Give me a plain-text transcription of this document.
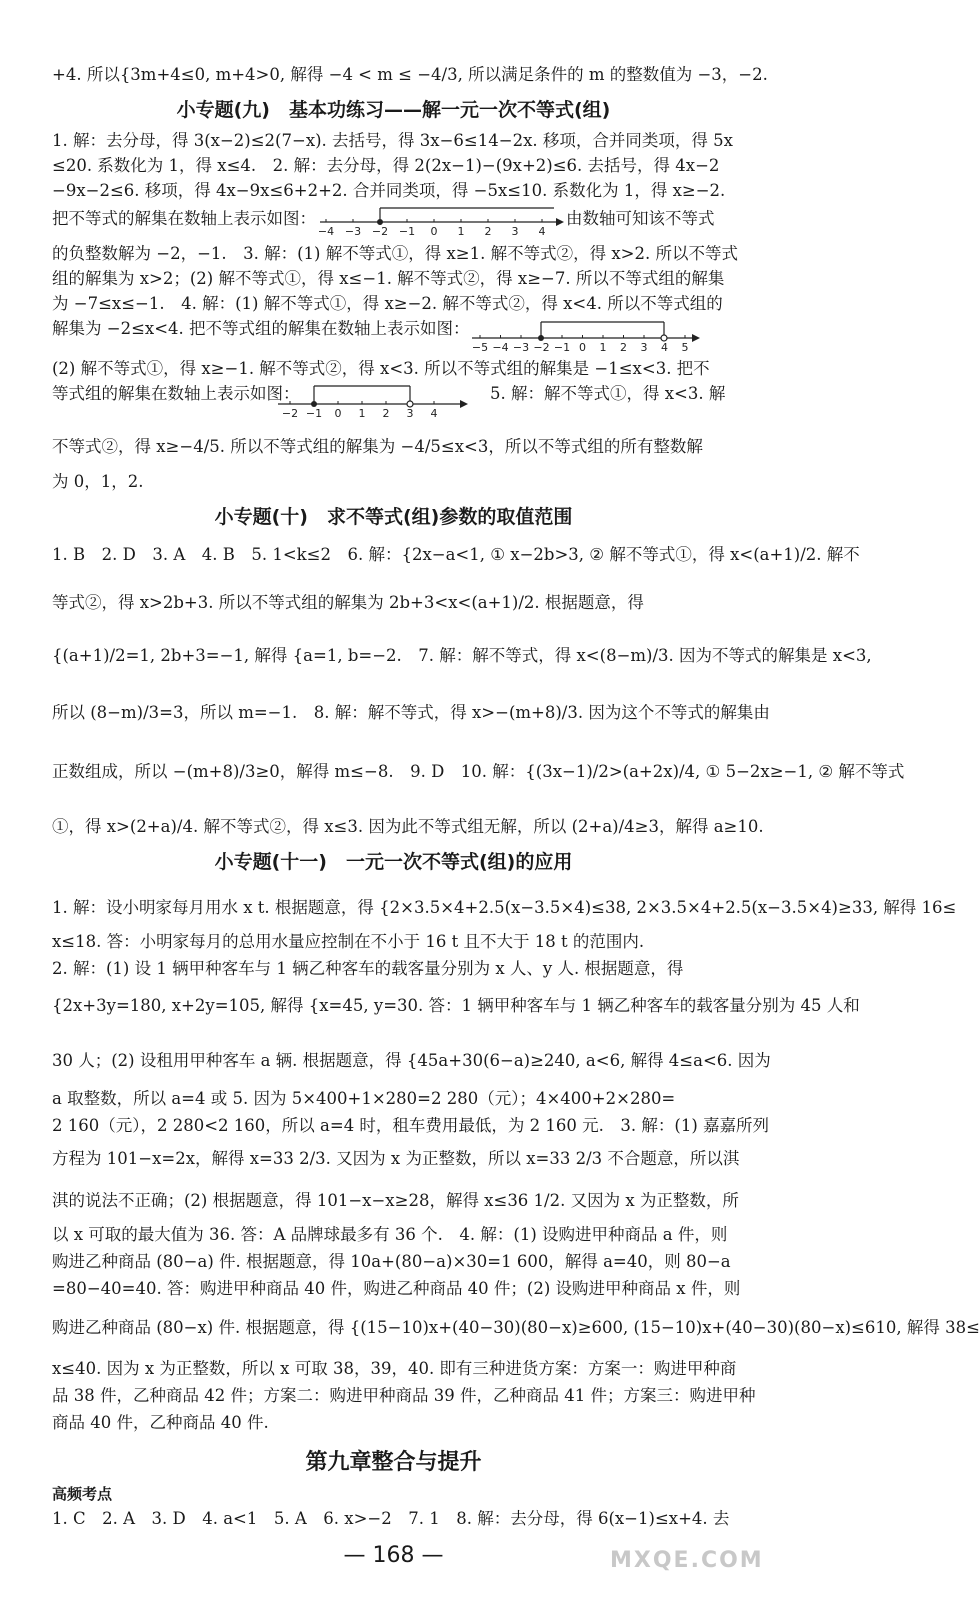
+4. 所以{3m+4≤0, m+4>0, 解得 −4 < m ≤ −4/3, 所以满足条件的 m 的整数值为 −3，−2.
小专题(九)　基本功练习——解一元一次不等式(组)
1. 解：去分母，得 3(x−2)≤2(7−x). 去括号，得 3x−6≤14−2x. 移项，合并同类项，得 5x
≤20. 系数化为 1，得 x≤4.　2. 解：去分母，得 2(2x−1)−(9x+2)≤6. 去括号，得 4x−2
−9x−2≤6. 移项，得 4x−9x≤6+2+2. 合并同类项，得 −5x≤10. 系数化为 1，得 x≥−2.
把不等式的解集在数轴上表示如图：
−4 −3 −2 −1 0 1 2 3 4
由数轴可知该不等式
的负整数解为 −2，−1.　3. 解：(1) 解不等式①，得 x≥1. 解不等式②，得 x>2. 所以不等式
组的解集为 x>2；(2) 解不等式①，得 x≤−1. 解不等式②，得 x≥−7. 所以不等式组的解集
为 −7≤x≤−1.　4. 解：(1) 解不等式①，得 x≥−2. 解不等式②，得 x<4. 所以不等式组的
解集为 −2≤x<4. 把不等式组的解集在数轴上表示如图：
−5 −4 −3 −2 −1 0 1 2 3 4 5
(2) 解不等式①，得 x≥−1. 解不等式②，得 x<3. 所以不等式组的解集是 −1≤x<3. 把不
等式组的解集在数轴上表示如图：
−2 −1 0 1 2 3 4
5. 解：解不等式①，得 x<3. 解
不等式②，得 x≥−4/5. 所以不等式组的解集为 −4/5≤x<3，所以不等式组的所有整数解
为 0，1，2.
小专题(十)　求不等式(组)参数的取值范围
1. B　2. D　3. A　4. B　5. 1<k≤2　6. 解：{2x−a<1, ① x−2b>3, ② 解不等式①，得 x<(a+1)/2. 解不
等式②，得 x>2b+3. 所以不等式组的解集为 2b+3<x<(a+1)/2. 根据题意，得
{(a+1)/2=1, 2b+3=−1, 解得 {a=1, b=−2.　7. 解：解不等式，得 x<(8−m)/3. 因为不等式的解集是 x<3,
所以 (8−m)/3=3，所以 m=−1.　8. 解：解不等式，得 x>−(m+8)/3. 因为这个不等式的解集由
正数组成，所以 −(m+8)/3≥0，解得 m≤−8.　9. D　10. 解：{(3x−1)/2>(a+2x)/4, ① 5−2x≥−1, ② 解不等式
①，得 x>(2+a)/4. 解不等式②，得 x≤3. 因为此不等式组无解，所以 (2+a)/4≥3，解得 a≥10.
小专题(十一)　一元一次不等式(组)的应用
1. 解：设小明家每月用水 x t. 根据题意，得 {2×3.5×4+2.5(x−3.5×4)≤38, 2×3.5×4+2.5(x−3.5×4)≥33, 解得 16≤
x≤18. 答：小明家每月的总用水量应控制在不小于 16 t 且不大于 18 t 的范围内.
2. 解：(1) 设 1 辆甲种客车与 1 辆乙种客车的载客量分别为 x 人、y 人. 根据题意，得
{2x+3y=180, x+2y=105, 解得 {x=45, y=30. 答：1 辆甲种客车与 1 辆乙种客车的载客量分别为 45 人和
30 人；(2) 设租用甲种客车 a 辆. 根据题意，得 {45a+30(6−a)≥240, a<6, 解得 4≤a<6. 因为
a 取整数，所以 a=4 或 5. 因为 5×400+1×280=2 280（元）；4×400+2×280=
2 160（元），2 280<2 160，所以 a=4 时，租车费用最低，为 2 160 元.　3. 解：(1) 嘉嘉所列
方程为 101−x=2x，解得 x=33 2/3. 又因为 x 为正整数，所以 x=33 2/3 不合题意，所以淇
淇的说法不正确；(2) 根据题意，得 101−x−x≥28，解得 x≤36 1/2. 又因为 x 为正整数，所
以 x 可取的最大值为 36. 答：A 品牌球最多有 36 个.　4. 解：(1) 设购进甲种商品 a 件，则
购进乙种商品 (80−a) 件. 根据题意，得 10a+(80−a)×30=1 600，解得 a=40，则 80−a
=80−40=40. 答：购进甲种商品 40 件，购进乙种商品 40 件；(2) 设购进甲种商品 x 件，则
购进乙种商品 (80−x) 件. 根据题意，得 {(15−10)x+(40−30)(80−x)≥600, (15−10)x+(40−30)(80−x)≤610, 解得 38≤
x≤40. 因为 x 为正整数，所以 x 可取 38，39，40. 即有三种进货方案：方案一：购进甲种商
品 38 件，乙种商品 42 件；方案二：购进甲种商品 39 件，乙种商品 41 件；方案三：购进甲种
商品 40 件，乙种商品 40 件.
第九章整合与提升
高频考点
1. C　2. A　3. D　4. a<1　5. A　6. x>−2　7. 1　8. 解：去分母，得 6(x−1)≤x+4. 去
— 168 —	MXQE.COM
